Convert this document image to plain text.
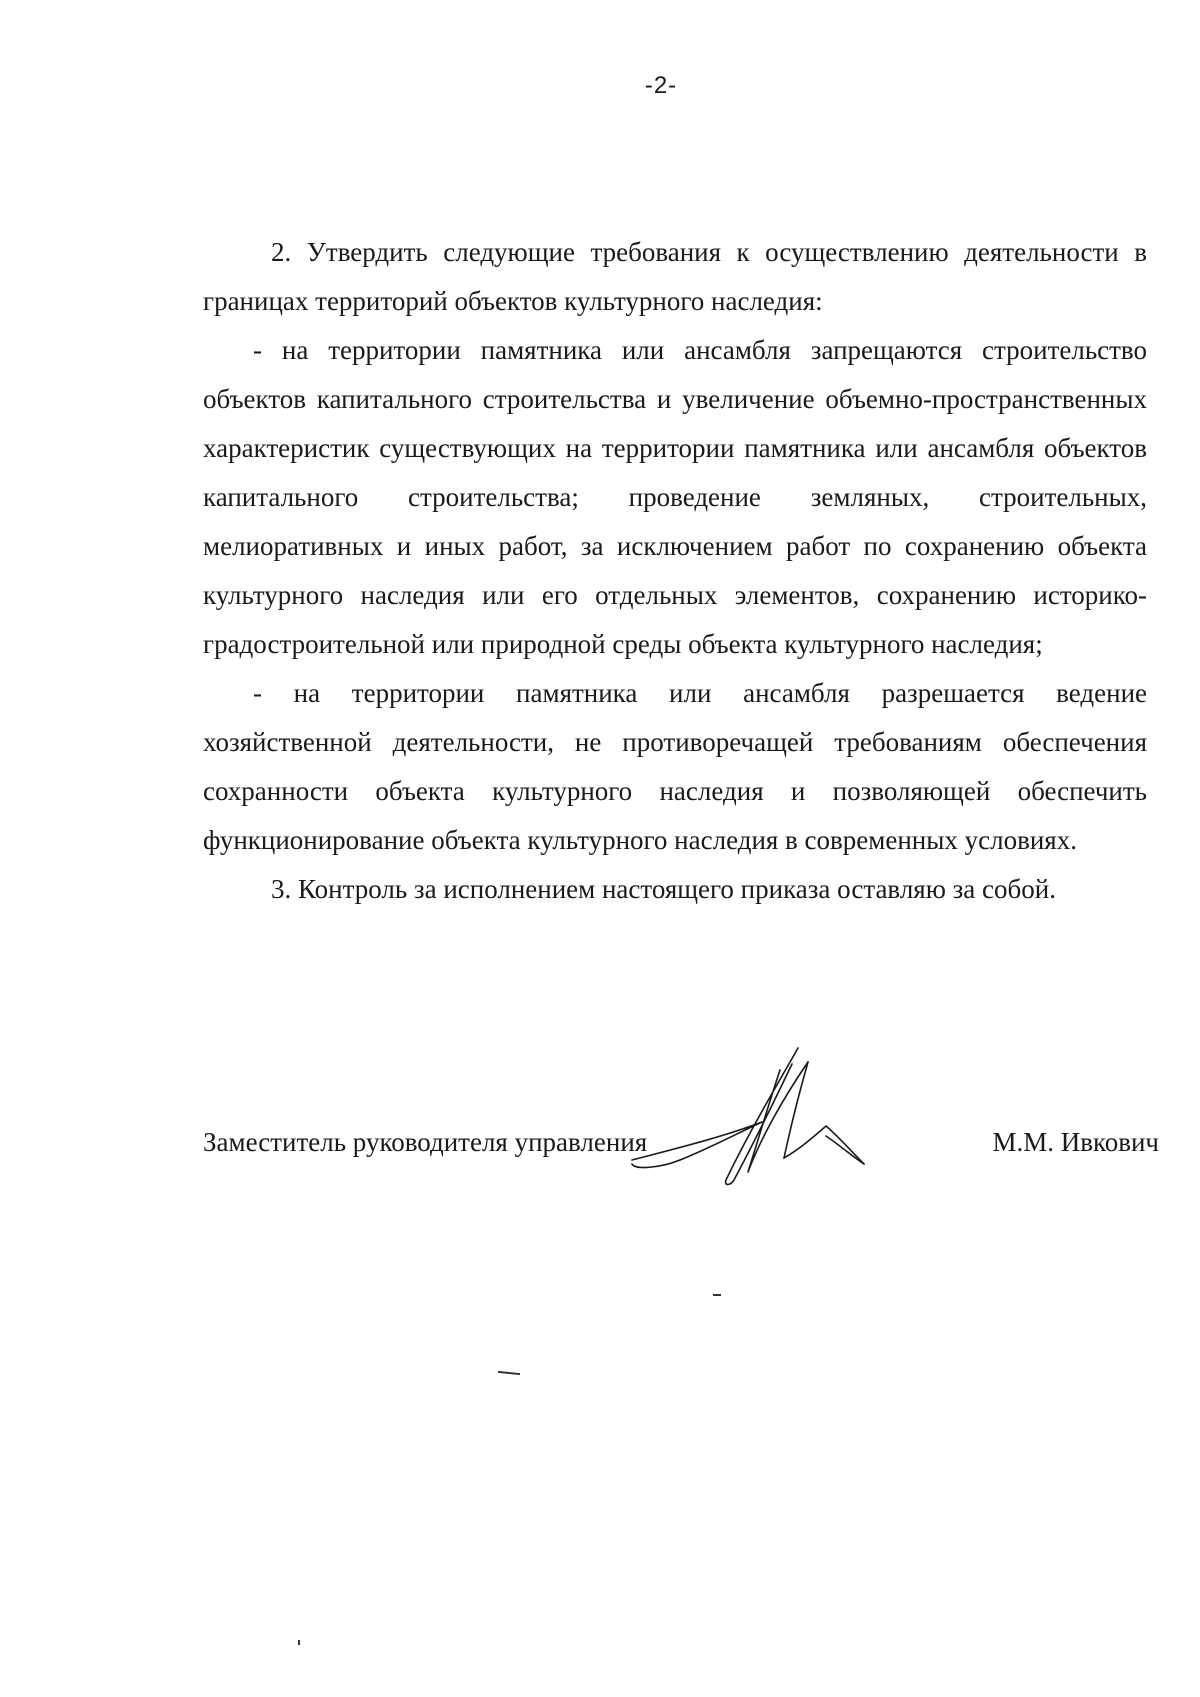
-2-

2. Утвердить следующие требования к осуществлению деятельности в границах территорий объектов культурного наследия:

- на территории памятника или ансамбля запрещаются строительство объектов капитального строительства и увеличение объемно-пространственных характеристик существующих на территории памятника или ансамбля объектов капитального строительства; проведение земляных, строительных, мелиоративных и иных работ, за исключением работ по сохранению объекта культурного наследия или его отдельных элементов, сохранению историко-градостроительной или природной среды объекта культурного наследия;

- на территории памятника или ансамбля разрешается ведение хозяйственной деятельности, не противоречащей требованиям обеспечения сохранности объекта культурного наследия и позволяющей обеспечить функционирование объекта культурного наследия в современных условиях.

3. Контроль за исполнением настоящего приказа оставляю за собой.

Заместитель руководителя управления	М.М. Ивкович
